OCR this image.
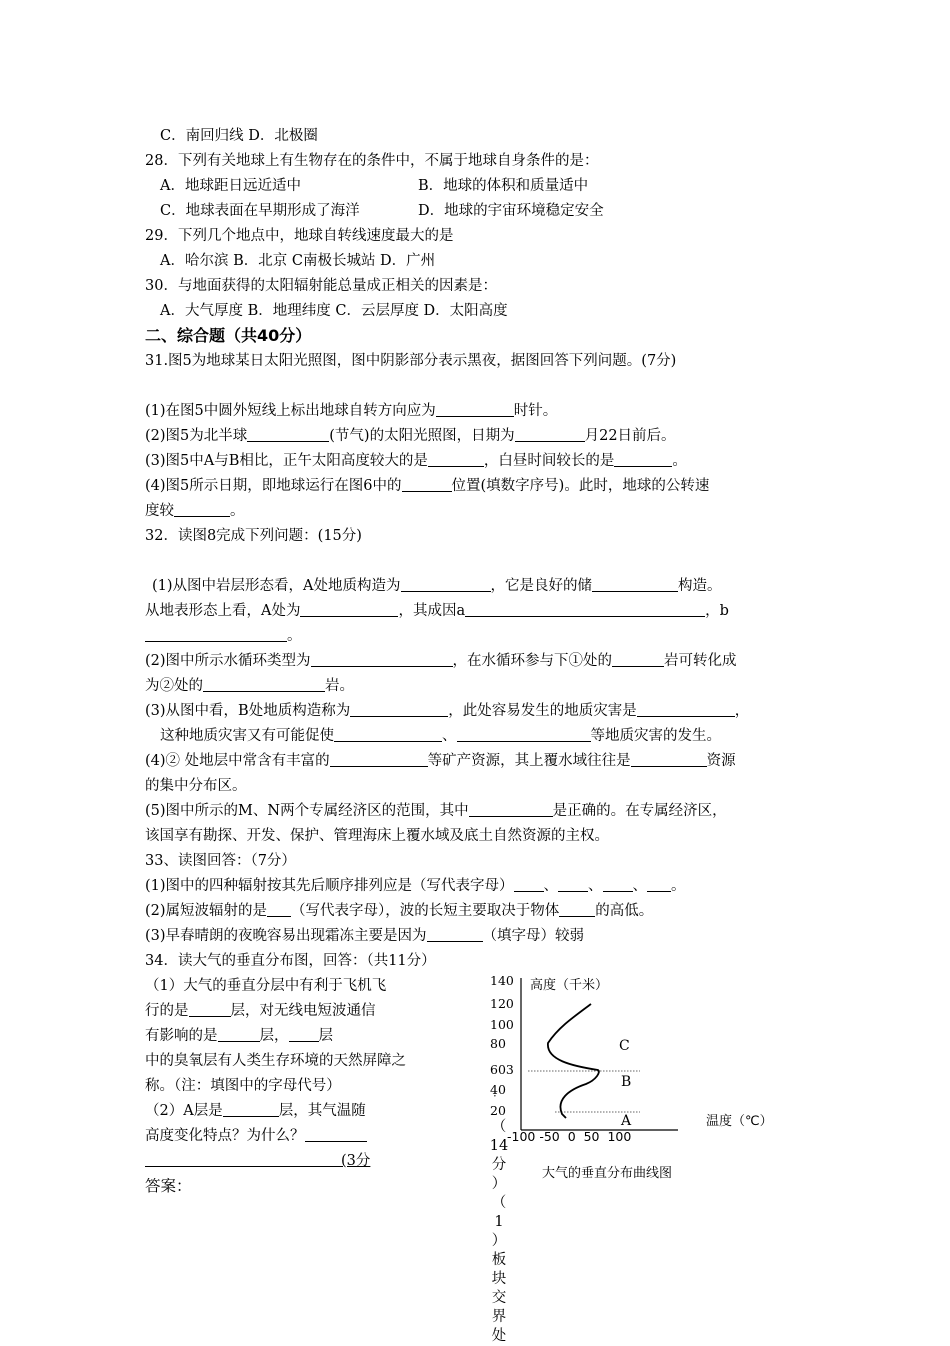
C．南回归线 D．北极圈
28．下列有关地球上有生物存在的条件中，不属于地球自身条件的是：
A．地球距日远近适中	B．地球的体积和质量适中
C．地球表面在早期形成了海洋	D．地球的宇宙环境稳定安全
29．下列几个地点中，地球自转线速度最大的是
A．哈尔滨 B．北京 C南极长城站 D．广州
30．与地面获得的太阳辐射能总量成正相关的因素是：
A．大气厚度 B．地理纬度 C．云层厚度 D．太阳高度
二、综合题（共40分）
31.图5为地球某日太阳光照图，图中阴影部分表示黑夜，据图回答下列问题。(7分)
(1)在图5中圆外短线上标出地球自转方向应为	时针。
(2)图5为北半球	(节气)的太阳光照图，日期为	月22日前后。
(3)图5中A与B相比，正午太阳高度较大的是	，白昼时间较长的是	。
(4)图5所示日期，即地球运行在图6中的	位置(填数字序号)。此时，地球的公转速
度较	。
32．读图8完成下列问题：(15分)
(1)从图中岩层形态看，A处地质构造为	，它是良好的储	构造。
从地表形态上看，A处为	，其成因a	，b
。
(2)图中所示水循环类型为	，在水循环参与下①处的	岩可转化成
为②处的	岩。
(3)从图中看，B处地质构造称为	，此处容易发生的地质灾害是	，
这种地质灾害又有可能促使	、	等地质灾害的发生。
(4)② 处地层中常含有丰富的	等矿产资源，其上覆水域往往是	资源
的集中分布区。
(5)图中所示的M、N两个专属经济区的范围，其中	是正确的。在专属经济区，
该国享有勘探、开发、保护、管理海床上覆水域及底土自然资源的主权。
33、读图回答：（7分）
(1)图中的四种辐射按其先后顺序排列应是（写代表字母） 、 、 、 。
(2)属短波辐射的是 （写代表字母），波的长短主要取决于物体 的高低。
(3)早春晴朗的夜晚容易出现霜冻主要是因为	（填字母）较弱
34．读大气的垂直分布图，回答：（共11分）
（1）大气的垂直分层中有利于飞机飞
行的是	层，对无线电短波通信
有影响的是	层， 层
中的臭氧层有人类生存环境的天然屏障之
称。（注：填图中的字母代号）
（2）A层是	层，其气温随
高度变化特点？为什么？
(3分
答案：
140
120
100
80
603
4̣0
20
-100 -50  0  50  100
高度（千米）
温度（℃）
C
B
A
大气的垂直分布曲线图
（
14
分
）
（
1
）
板
块
交
界
处
